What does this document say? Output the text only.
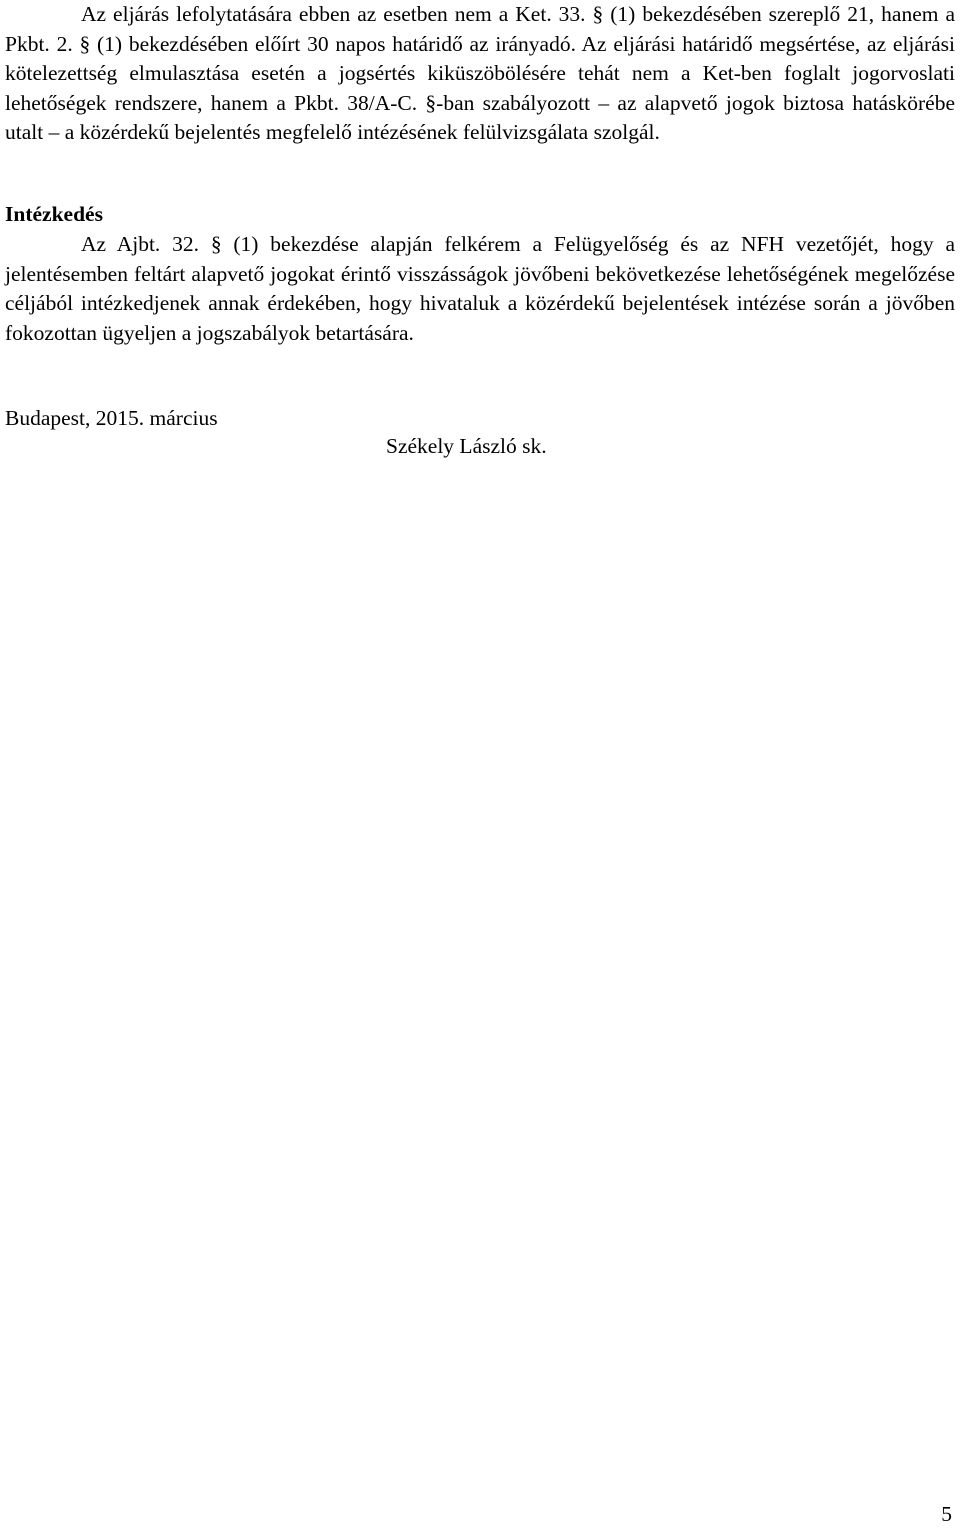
Az eljárás lefolytatására ebben az esetben nem a Ket. 33. § (1) bekezdésében szereplő 21, hanem a Pkbt. 2. § (1) bekezdésében előírt 30 napos határidő az irányadó. Az eljárási határidő megsértése, az eljárási kötelezettség elmulasztása esetén a jogsértés kiküszöbölésére tehát nem a Ket-ben foglalt jogorvoslati lehetőségek rendszere, hanem a Pkbt. 38/A-C. §-ban szabályozott – az alapvető jogok biztosa hatáskörébe utalt – a közérdekű bejelentés megfelelő intézésének felülvizsgálata szolgál.

Intézkedés

Az Ajbt. 32. § (1) bekezdése alapján felkérem a Felügyelőség és az NFH vezetőjét, hogy a jelentésemben feltárt alapvető jogokat érintő visszásságok jövőbeni bekövetkezése lehetőségének megelőzése céljából intézkedjenek annak érdekében, hogy hivataluk a közérdekű bejelentések intézése során a jövőben fokozottan ügyeljen a jogszabályok betartására.

Budapest, 2015. március

Székely László sk.

5
